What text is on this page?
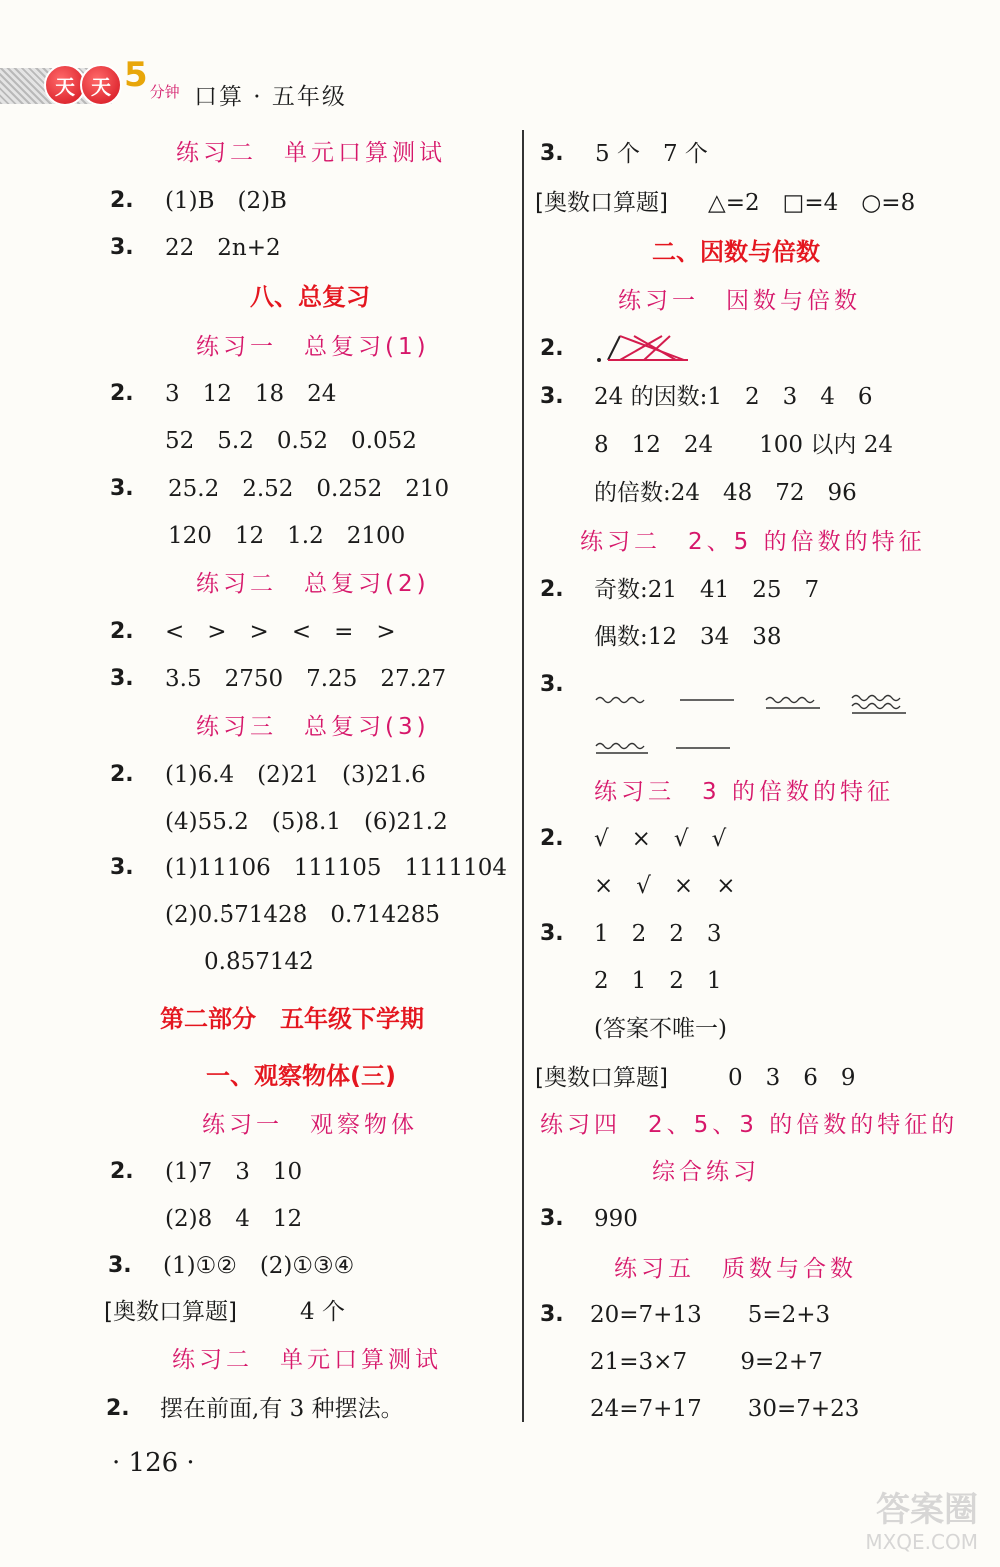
天 天 5 分钟 口算 · 五年级
练习二　单元口算测试
2. (1)B　(2)B
3. 22　2n+2
八、总复习
练习一　总复习(1)
2. 3　12　18　24
52　5.2　0.52　0.052
3. 25.2　2.52　0.252　210
120　12　1.2　2100
练习二　总复习(2)
2. <　>　>　<　=　>
3. 3.5　2750　7.25　27.27
练习三　总复习(3)
2. (1)6.4　(2)21　(3)21.6
(4)55.2　(5)8.1　(6)21.2
3. (1)11106　111105　1111104
(2)0.5̇71428̇　0.7̇14285̇
0.8̇57142̇
第二部分　五年级下学期
一、观察物体(三)
练习一　观察物体
2. (1)7　3　10
(2)8　4　12
3. (1)①②　(2)①③④
[奥数口算题]	4 个
练习二　单元口算测试
2. 摆在前面,有 3 种摆法。
3. 5 个　7 个
[奥数口算题] △=2　□=4　○=8
二、因数与倍数
练习一　因数与倍数
2.
3. 24 的因数:1　2　3　4　6
8　12　24　　100 以内 24
的倍数:24　48　72　96
练习二　2、5 的倍数的特征
2. 奇数:21　41　25　7
偶数:12　34　38
3.
练习三　3 的倍数的特征
2. √　×　√　√
×　√　×　×
3. 1　2　2　3
2　1　2　1
(答案不唯一)
[奥数口算题]	0　3　6　9
练习四　2、5、3 的倍数的特征的
综合练习
3. 990
练习五　质数与合数
3. 20=7+13　　5=2+3
21=3×7　　 9=2+7
24=7+17　　30=7+23
· 126 ·
答案圈
MXQE.COM
